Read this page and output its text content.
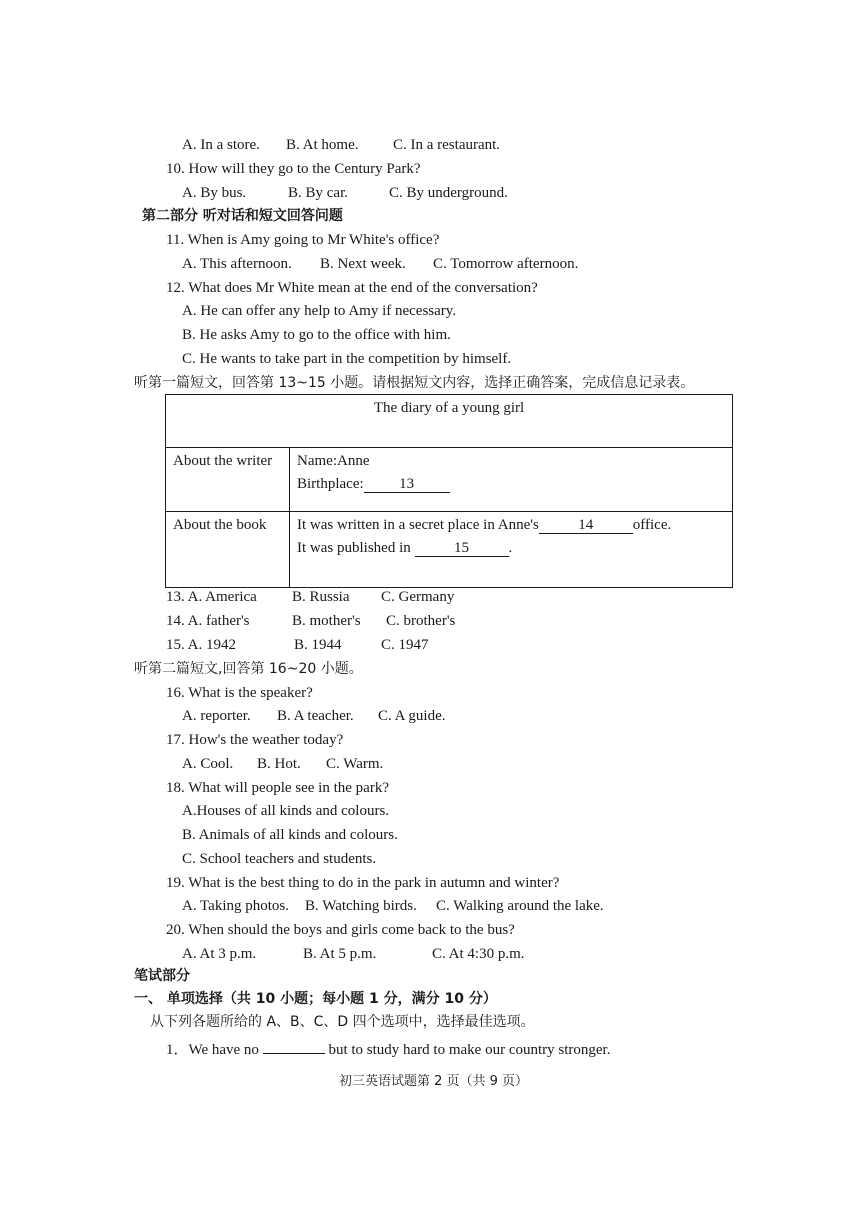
A. In a store. B. At home. C. In a restaurant.
10. How will they go to the Century Park?
A. By bus.	B. By car.	C. By underground.
第二部分 听对话和短文回答问题
11. When is Amy going to Mr White's office?
A. This afternoon. B. Next week. C. Tomorrow afternoon.
12. What does Mr White mean at the end of the conversation?
A. He can offer any help to Amy if necessary.
B. He asks Amy to go to the office with him.
C. He wants to take part in the competition by himself.
听第一篇短文，回答第 13~15 小题。请根据短文内容，选择正确答案，完成信息记录表。
The diary of a young girl	
About the writer	Name:Anne
Birthplace: 13

About the book	It was written in a secret place in Anne's 14 office.
It was published in 15 .
13. A. America B. Russia C. Germany
14. A. father's	B. mother's C. brother's
15. A. 1942	B. 1944	C. 1947
听第二篇短文,回答第 16~20 小题。
16. What is the speaker?
A. reporter. B. A teacher. C. A guide.
17. How's the weather today?
A. Cool. B. Hot. C. Warm.
18. What will people see in the park?
A.Houses of all kinds and colours.
B. Animals of all kinds and colours.
C. School teachers and students.
19. What is the best thing to do in the park in autumn and winter?
A. Taking photos. B. Watching birds. C. Walking around the lake.
20. When should the boys and girls come back to the bus?
A. At 3 p.m.	B. At 5 p.m.	C. At 4:30 p.m.
笔试部分
一、 单项选择（共 10 小题；每小题 1 分，满分 10 分）
从下列各题所给的 A、B、C、D 四个选项中，选择最佳选项。
1．We have no	but to study hard to make our country stronger.
初三英语试题第 2 页（共 9 页）
